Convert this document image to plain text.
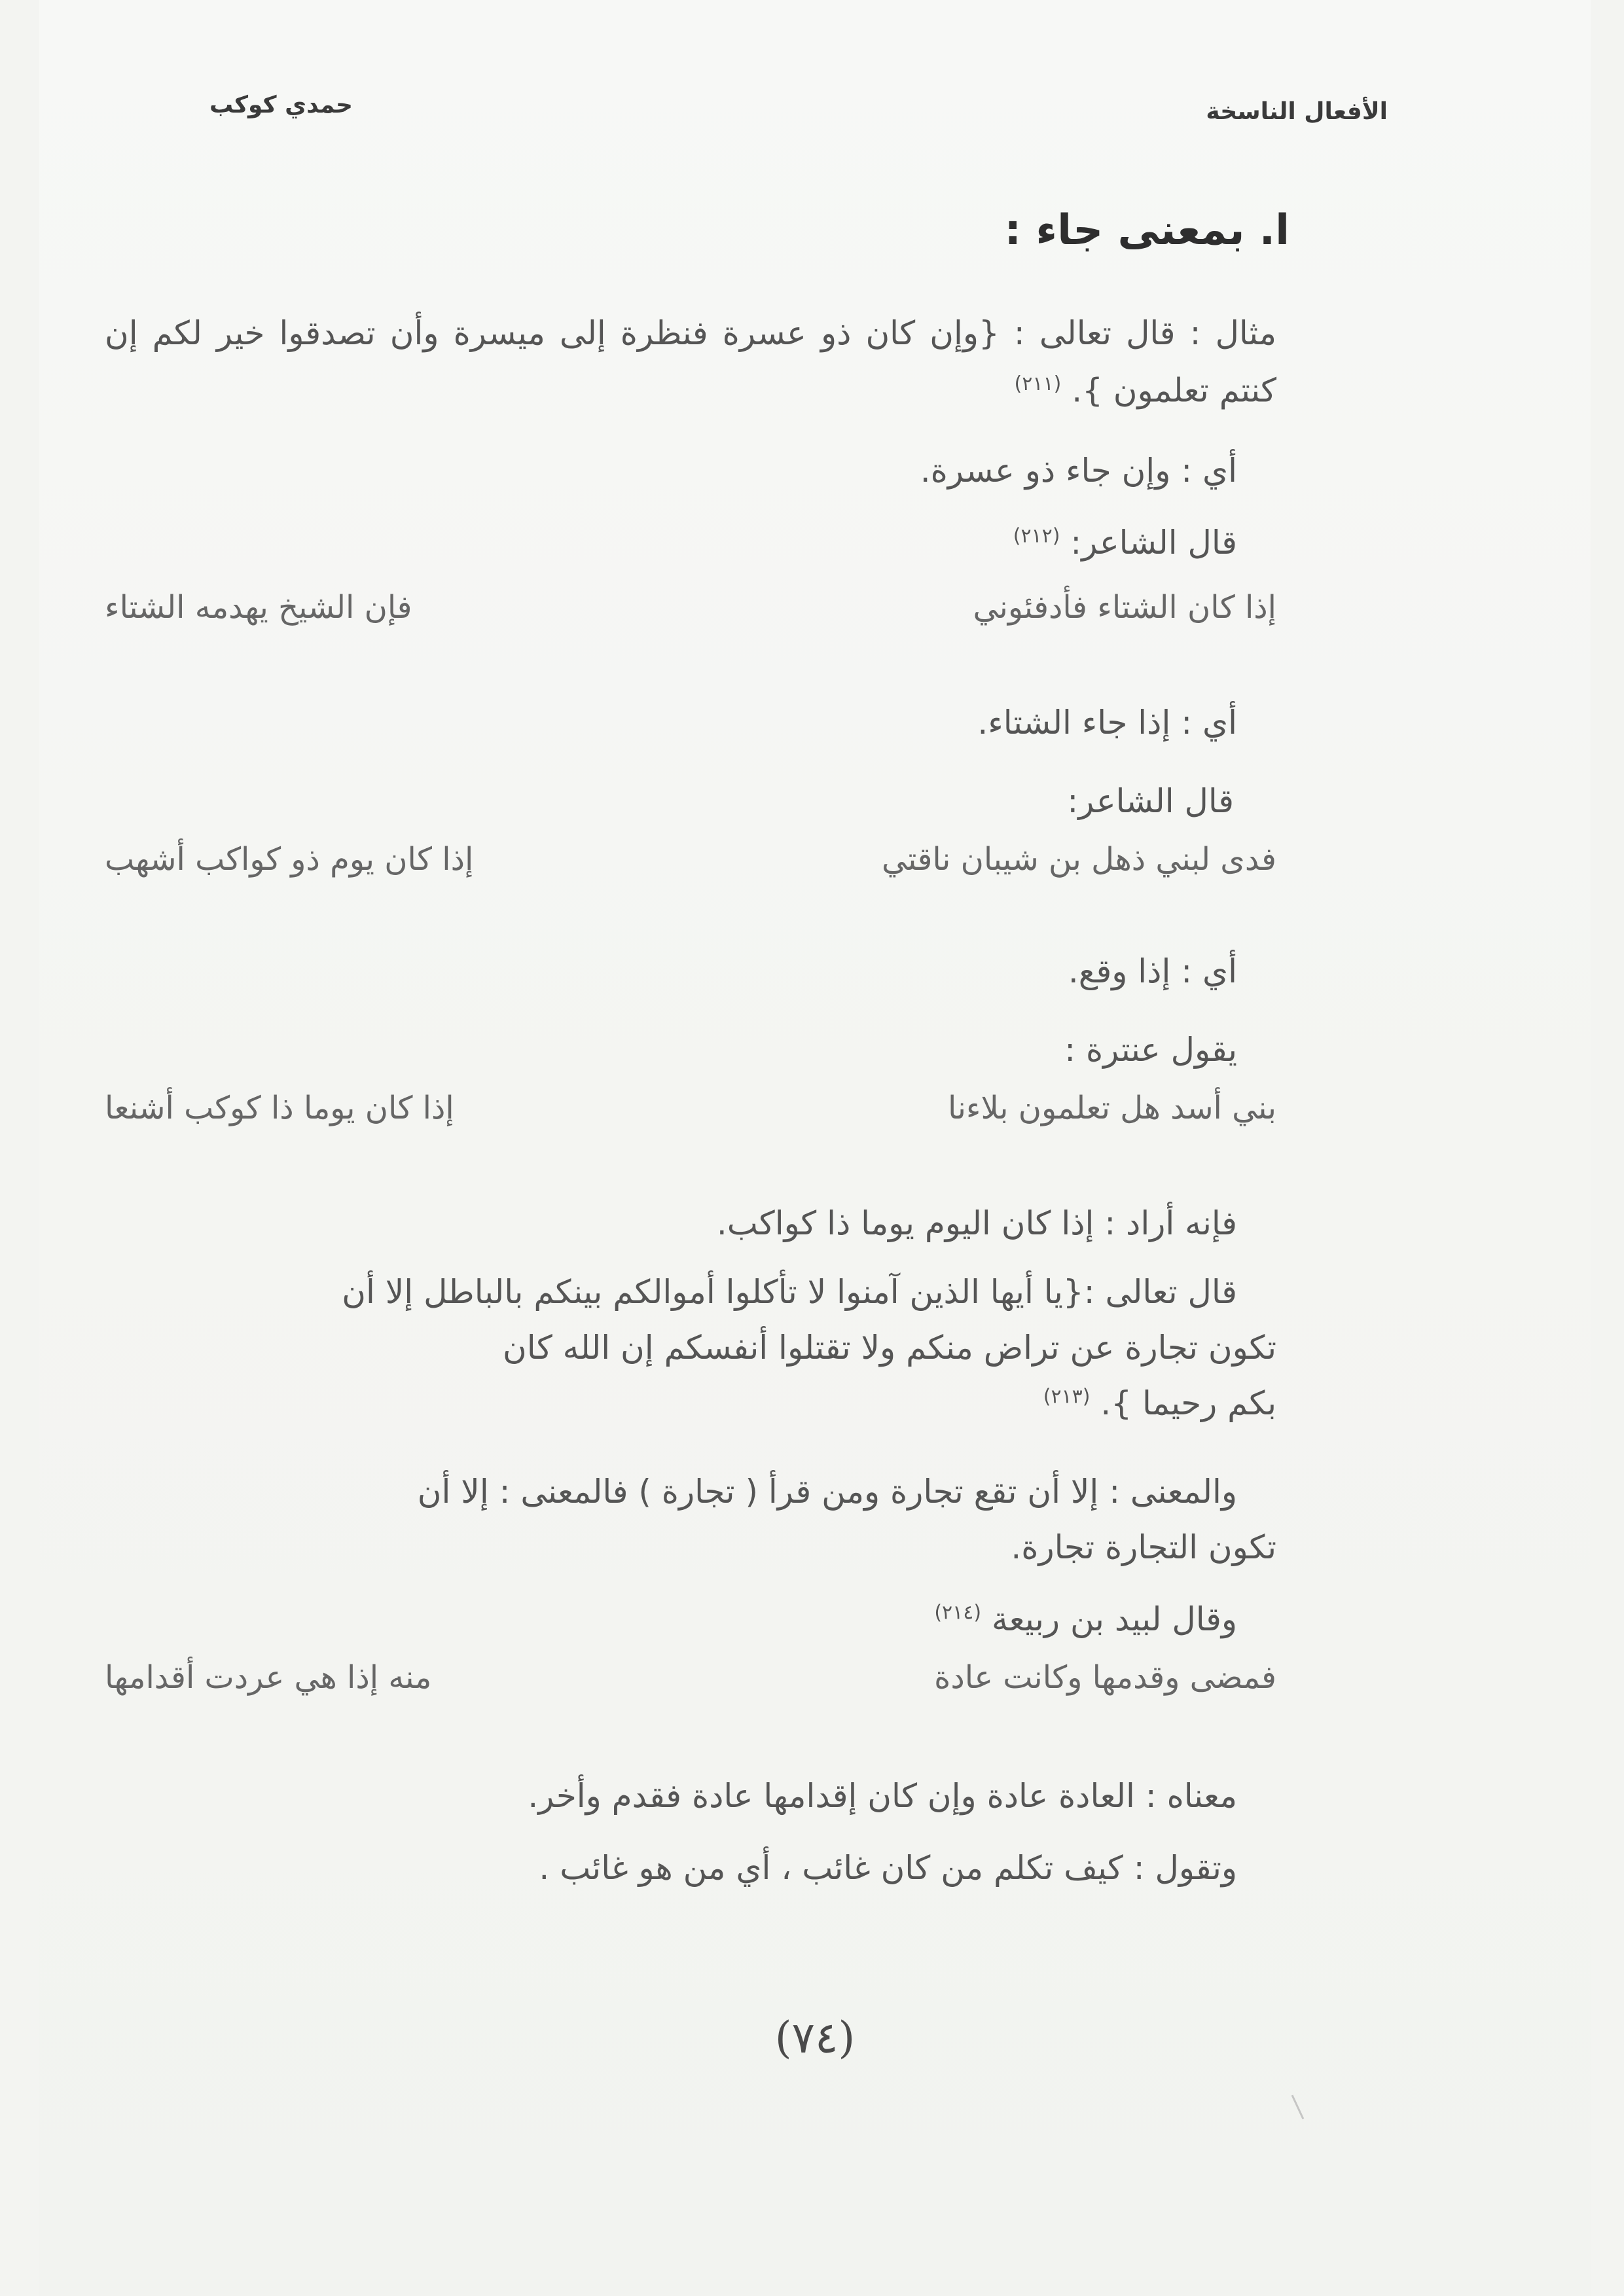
الأفعال الناسخة
حمدي كوكب
ا. بمعنى جاء :
مثال : قال تعالى : {وإن كان ذو عسرة فنظرة إلى ميسرة وأن تصدقوا خير لكم إن كنتم تعلمون }. $^{(٢١١)}$
أي : وإن جاء ذو عسرة.
قال الشاعر: $^{(٢١٢)}$
إذا كان الشتاء فأدفئوني
فإن الشيخ يهدمه الشتاء
أي : إذا جاء الشتاء.
قال الشاعر:
فدى لبني ذهل بن شيبان ناقتي
إذا كان يوم ذو كواكب أشهب
أي : إذا وقع.
يقول عنترة :
بني أسد هل تعلمون بلاءنا
إذا كان يوما ذا كوكب أشنعا
فإنه أراد : إذا كان اليوم يوما ذا كواكب.
قال تعالى :{يا أيها الذين آمنوا لا تأكلوا أموالكم بينكم بالباطل إلا أن
تكون تجارة عن تراض منكم ولا تقتلوا أنفسكم إن الله كان
بكم رحيما }. $^{(٢١٣)}$
والمعنى : إلا أن تقع تجارة ومن قرأ ( تجارة ) فالمعنى : إلا أن
تكون التجارة تجارة.
وقال لبيد بن ربيعة $^{(٢١٤)}$
فمضى وقدمها وكانت عادة
منه إذا هي عردت أقدامها
معناه : العادة عادة وإن كان إقدامها عادة فقدم وأخر.
وتقول : كيف تكلم من كان غائب ، أي من هو غائب .
(٧٤)
